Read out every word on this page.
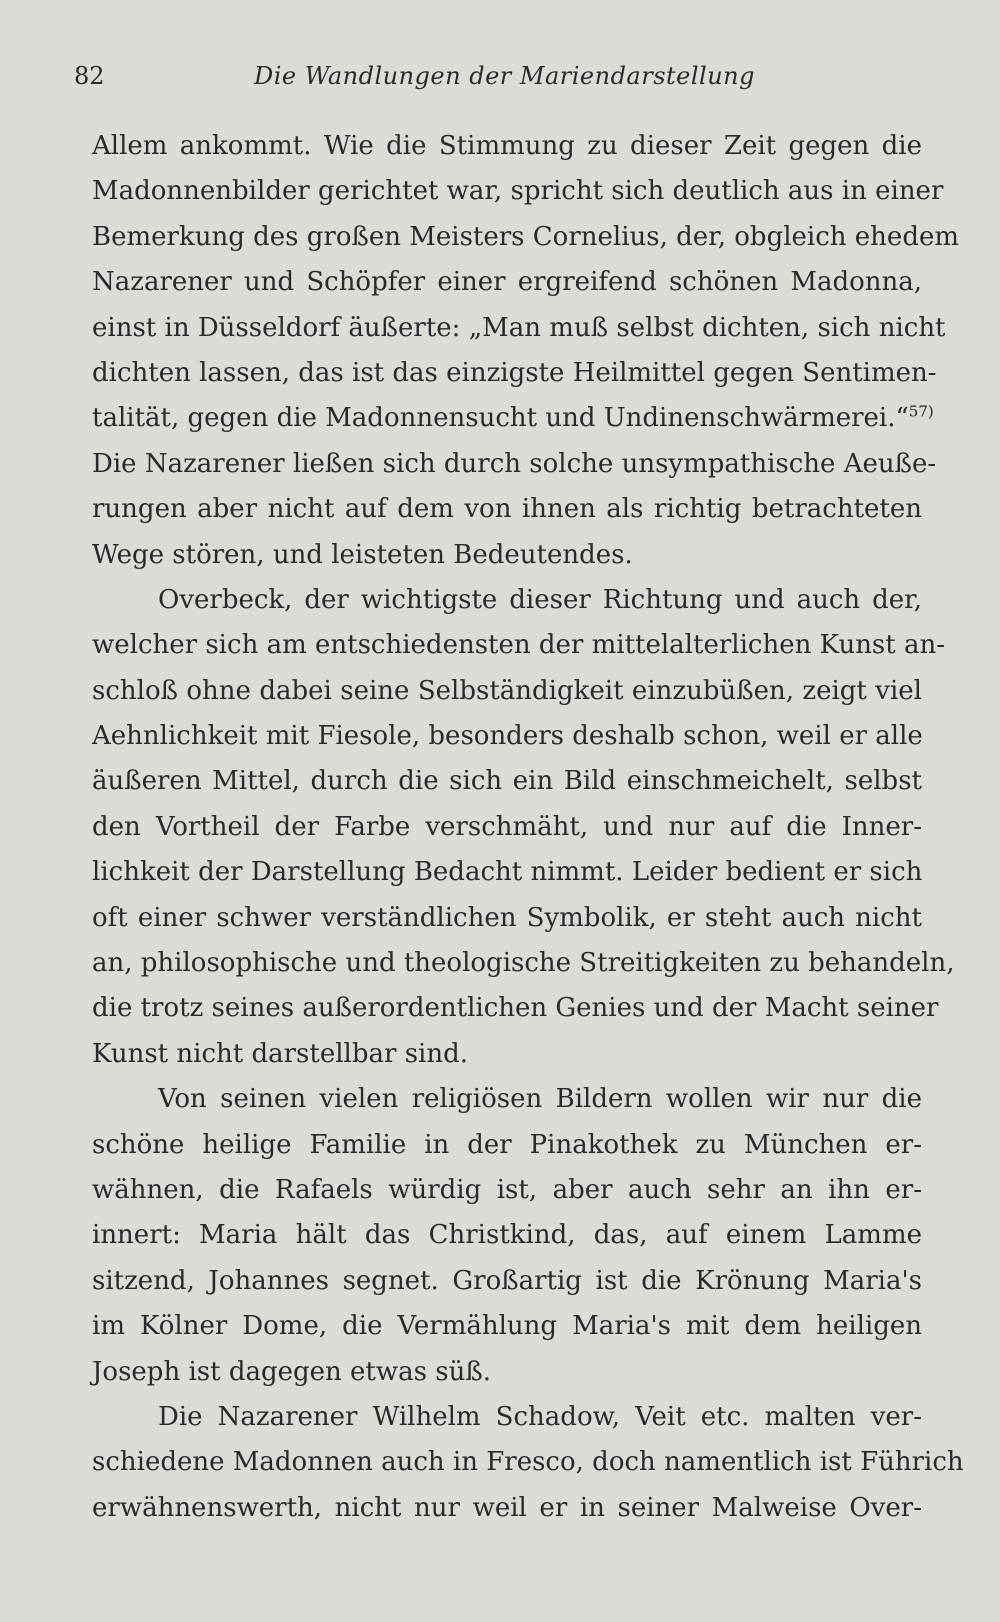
82	Die Wandlungen der Mariendarstellung
Allem ankommt. Wie die Stimmung zu dieser Zeit gegen die
Madonnenbilder gerichtet war, spricht sich deutlich aus in einer
Bemerkung des großen Meisters Cornelius, der, obgleich ehedem
Nazarener und Schöpfer einer ergreifend schönen Madonna,
einst in Düsseldorf äußerte: „Man muß selbst dichten, sich nicht
dichten lassen, das ist das einzigste Heilmittel gegen Sentimen-
talität, gegen die Madonnensucht und Undinenschwärmerei.“$^{57)}$
Die Nazarener ließen sich durch solche unsympathische Aeuße-
rungen aber nicht auf dem von ihnen als richtig betrachteten
Wege stören, und leisteten Bedeutendes.
Overbeck, der wichtigste dieser Richtung und auch der,
welcher sich am entschiedensten der mittelalterlichen Kunst an-
schloß ohne dabei seine Selbständigkeit einzubüßen, zeigt viel
Aehnlichkeit mit Fiesole, besonders deshalb schon, weil er alle
äußeren Mittel, durch die sich ein Bild einschmeichelt, selbst
den Vortheil der Farbe verschmäht, und nur auf die Inner-
lichkeit der Darstellung Bedacht nimmt. Leider bedient er sich
oft einer schwer verständlichen Symbolik, er steht auch nicht
an, philosophische und theologische Streitigkeiten zu behandeln,
die trotz seines außerordentlichen Genies und der Macht seiner
Kunst nicht darstellbar sind.
Von seinen vielen religiösen Bildern wollen wir nur die
schöne heilige Familie in der Pinakothek zu München er-
wähnen, die Rafaels würdig ist, aber auch sehr an ihn er-
innert: Maria hält das Christkind, das, auf einem Lamme
sitzend, Johannes segnet. Großartig ist die Krönung Maria's
im Kölner Dome, die Vermählung Maria's mit dem heiligen
Joseph ist dagegen etwas süß.
Die Nazarener Wilhelm Schadow, Veit etc. malten ver-
schiedene Madonnen auch in Fresco, doch namentlich ist Führich
erwähnenswerth, nicht nur weil er in seiner Malweise Over-
